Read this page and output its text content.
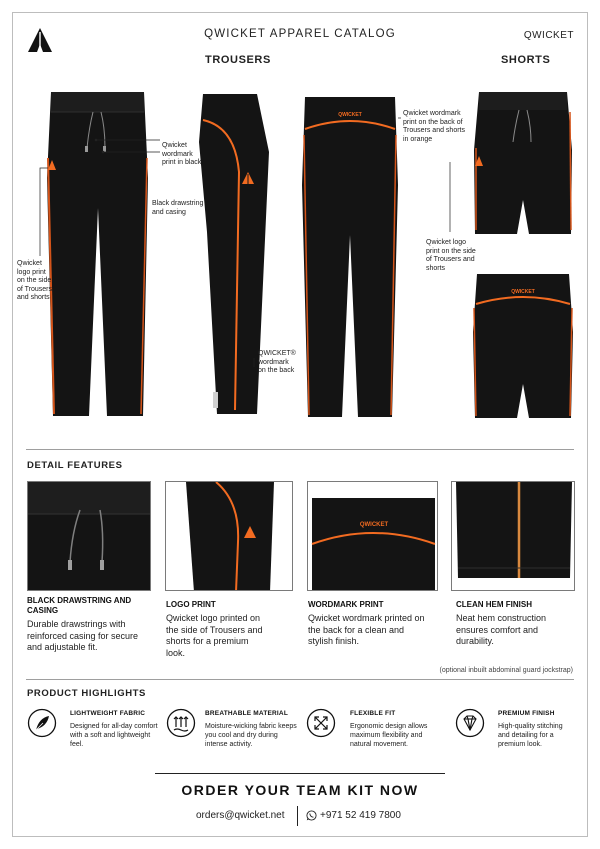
QWICKET APPAREL CATALOG	QWICKET
TROUSERS	SHORTS
QWICKET
QWICKET
Qwicket wordmark print in black
Black drawstring and casing
Qwicket logo print on the side of Trousers and shorts
QWICKET® wordmark on the back
Qwicket wordmark print on the back of Trousers and shorts in orange
Qwicket logo print on the side of Trousers and shorts
DETAIL FEATURES
QWICKET
BLACK DRAWSTRING AND CASING
Durable drawstrings with reinforced casing for secure and adjustable fit.
LOGO PRINT
Qwicket logo printed on the side of Trousers and shorts for a premium look.
WORDMARK PRINT
Qwicket wordmark printed on the back for a clean and stylish finish.
CLEAN HEM FINISH
Neat hem construction ensures comfort and durability.
(optional inbuilt abdominal guard jockstrap)
PRODUCT HIGHLIGHTS
LIGHTWEIGHT FABRIC
Designed for all-day comfort with a soft and lightweight feel.
BREATHABLE MATERIAL
Moisture-wicking fabric keeps you cool and dry during intense activity.
FLEXIBLE FIT
Ergonomic design allows maximum flexibility and natural movement.
PREMIUM FINISH
High-quality stitching and detailing for a premium look.
ORDER YOUR TEAM KIT NOW
orders@qwicket.net	+971 52 419 7800
